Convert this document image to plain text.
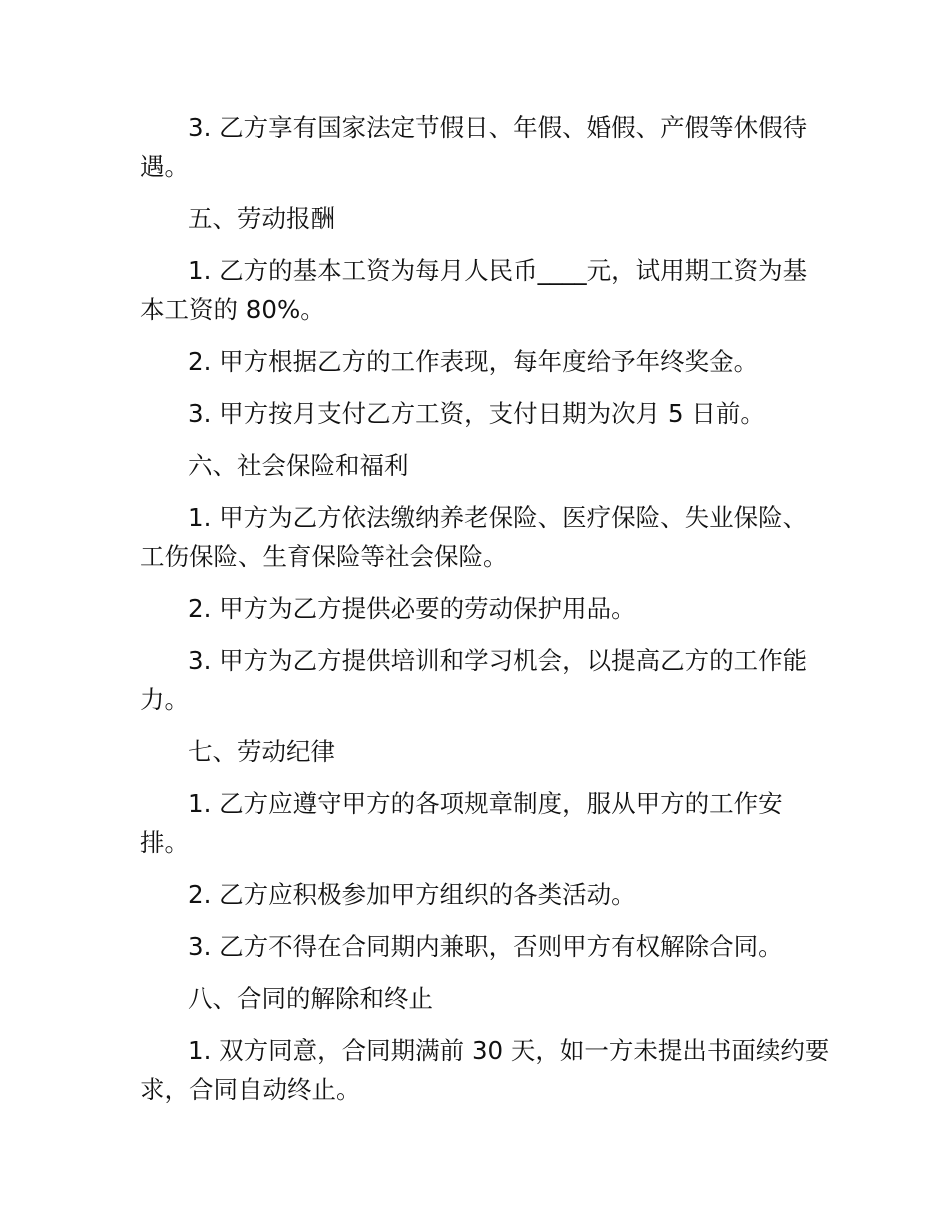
3. 乙方享有国家法定节假日、年假、婚假、产假等休假待遇。

五、劳动报酬

1. 乙方的基本工资为每月人民币____元，试用期工资为基本工资的 80%。

2. 甲方根据乙方的工作表现，每年度给予年终奖金。

3. 甲方按月支付乙方工资，支付日期为次月 5 日前。

六、社会保险和福利

1. 甲方为乙方依法缴纳养老保险、医疗保险、失业保险、工伤保险、生育保险等社会保险。

2. 甲方为乙方提供必要的劳动保护用品。

3. 甲方为乙方提供培训和学习机会，以提高乙方的工作能力。

七、劳动纪律

1. 乙方应遵守甲方的各项规章制度，服从甲方的工作安排。

2. 乙方应积极参加甲方组织的各类活动。

3. 乙方不得在合同期内兼职，否则甲方有权解除合同。

八、合同的解除和终止

1. 双方同意，合同期满前 30 天，如一方未提出书面续约要求，合同自动终止。
